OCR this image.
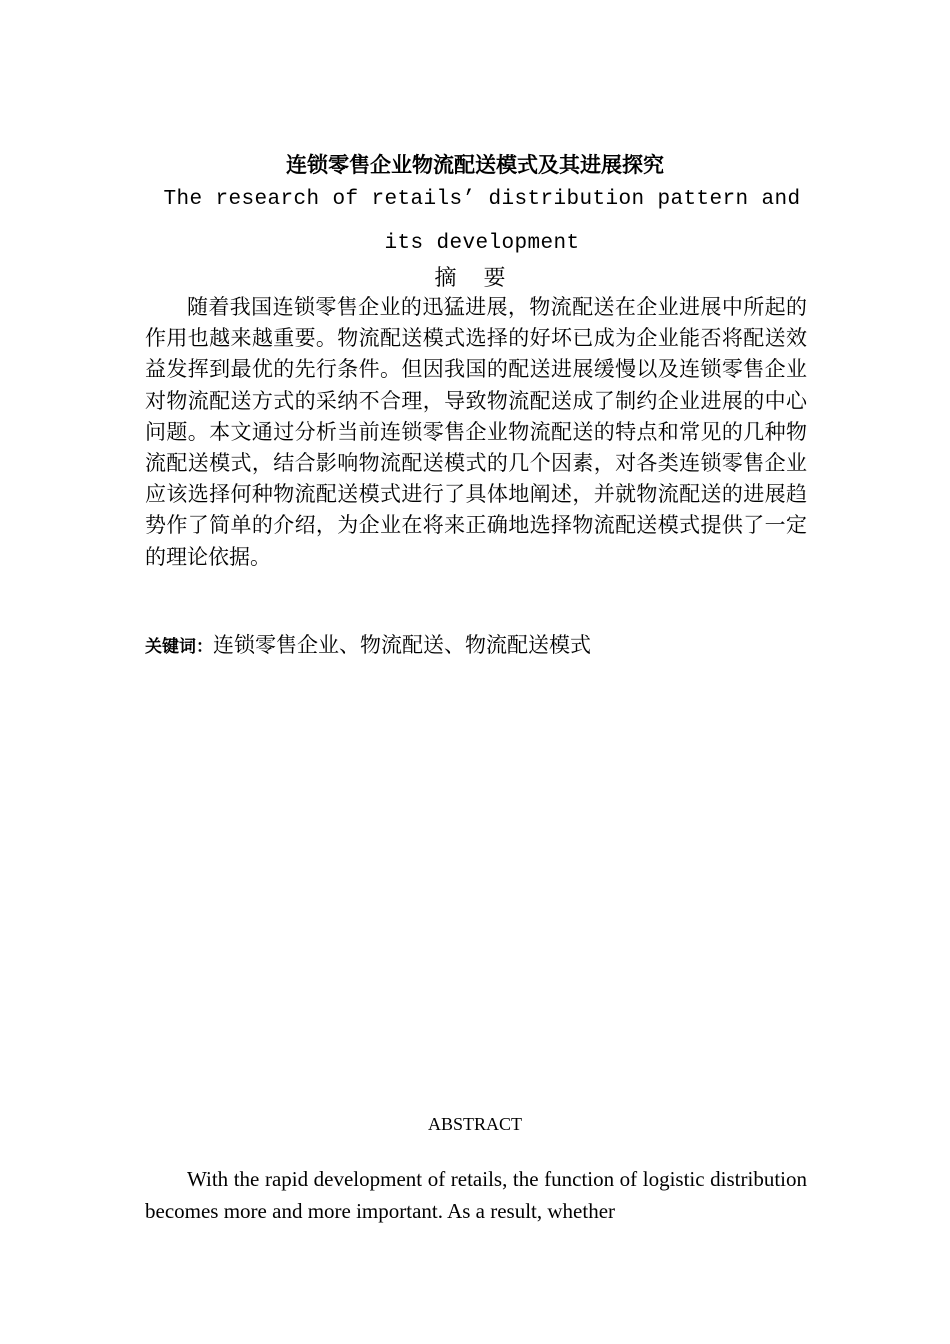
连锁零售企业物流配送模式及其进展探究
The research of retails’ distribution pattern and its development
摘 要

随着我国连锁零售企业的迅猛进展，物流配送在企业进展中所起的作用也越来越重要。物流配送模式选择的好坏已成为企业能否将配送效益发挥到最优的先行条件。但因我国的配送进展缓慢以及连锁零售企业对物流配送方式的采纳不合理，导致物流配送成了制约企业进展的中心问题。本文通过分析当前连锁零售企业物流配送的特点和常见的几种物流配送模式，结合影响物流配送模式的几个因素，对各类连锁零售企业应该选择何种物流配送模式进行了具体地阐述，并就物流配送的进展趋势作了简单的介绍，为企业在将来正确地选择物流配送模式提供了一定的理论依据。

关键词：连锁零售企业、物流配送、物流配送模式
ABSTRACT

With the rapid development of retails, the function of logistic distribution becomes more and more important. As a result, whether
